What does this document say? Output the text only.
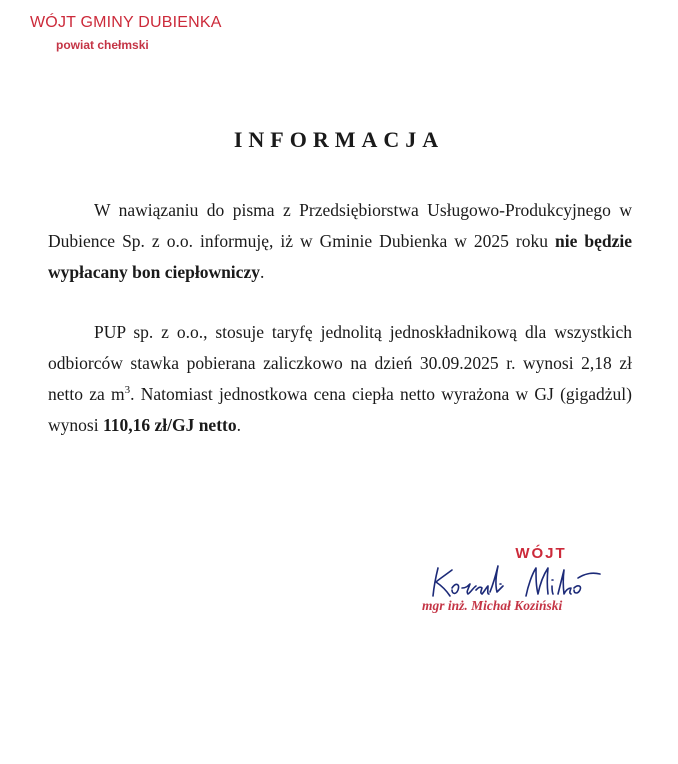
WÓJT GMINY DUBIENKA
powiat chełmski
INFORMACJA
W nawiązaniu do pisma z Przedsiębiorstwa Usługowo-Produkcyjnego w Dubience Sp. z o.o. informuję, iż w Gminie Dubienka w 2025 roku nie będzie wypłacany bon ciepłowniczy.
PUP sp. z o.o., stosuje taryfę jednolitą jednoskładnikową dla wszystkich odbiorców stawka pobierana zaliczkowo na dzień 30.09.2025 r. wynosi 2,18 zł netto za $m^3$. Natomiast jednostkowa cena ciepła netto wyrażona w GJ (gigadżul) wynosi 110,16 zł/GJ netto.
WÓJT
mgr inż. Michał Koziński
